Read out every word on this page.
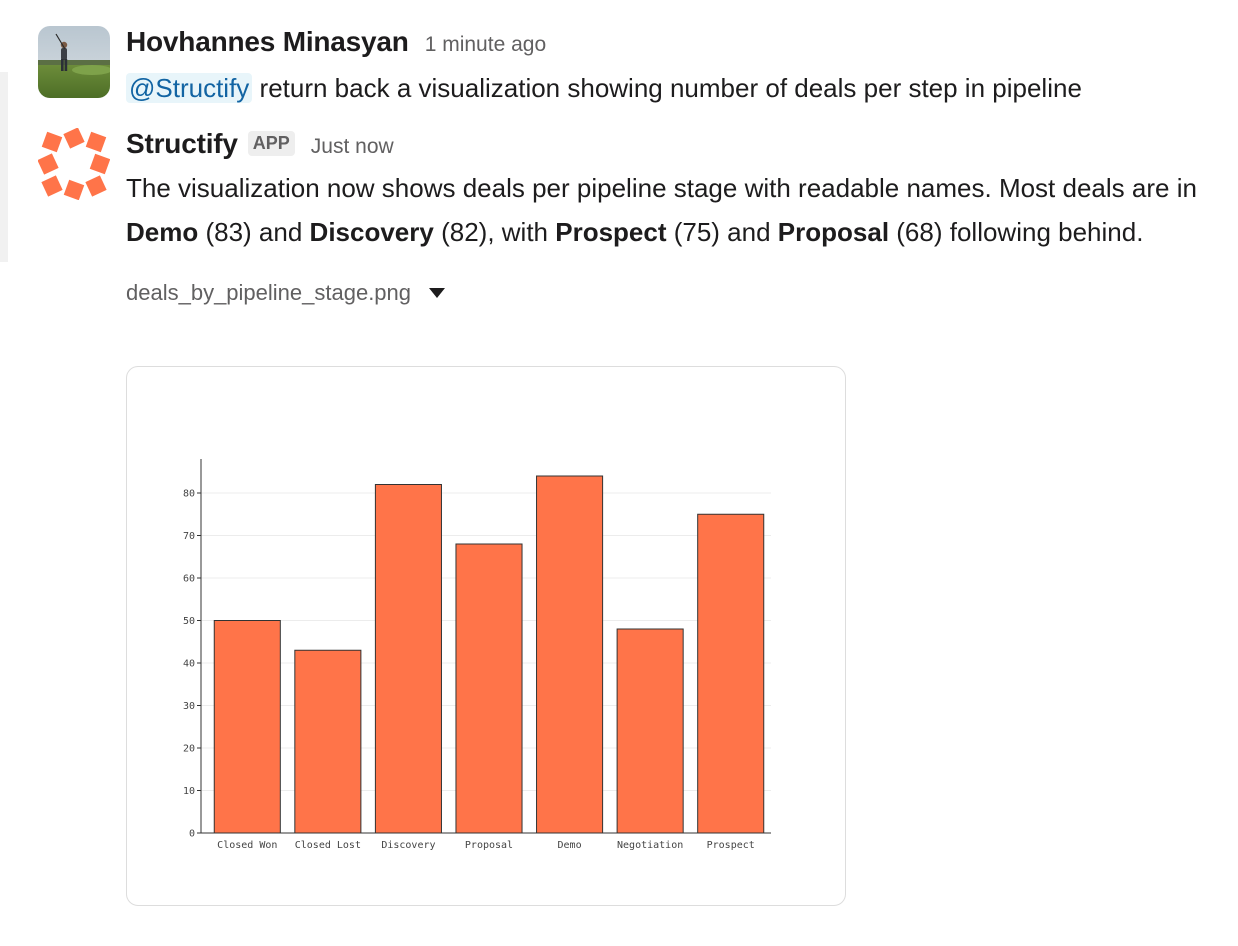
Hovhannes Minasyan 1 minute ago
@Structify return back a visualization showing number of deals per step in pipeline
Structify APP Just now
The visualization now shows deals per pipeline stage with readable names. Most deals are in Demo (83) and Discovery (82), with Prospect (75) and Proposal (68) following behind.
deals_by_pipeline_stage.png
0
10
20
30
40
50
60
70
80
Closed Won Closed Lost Discovery	Proposal	Demo	Negotiation Prospect
